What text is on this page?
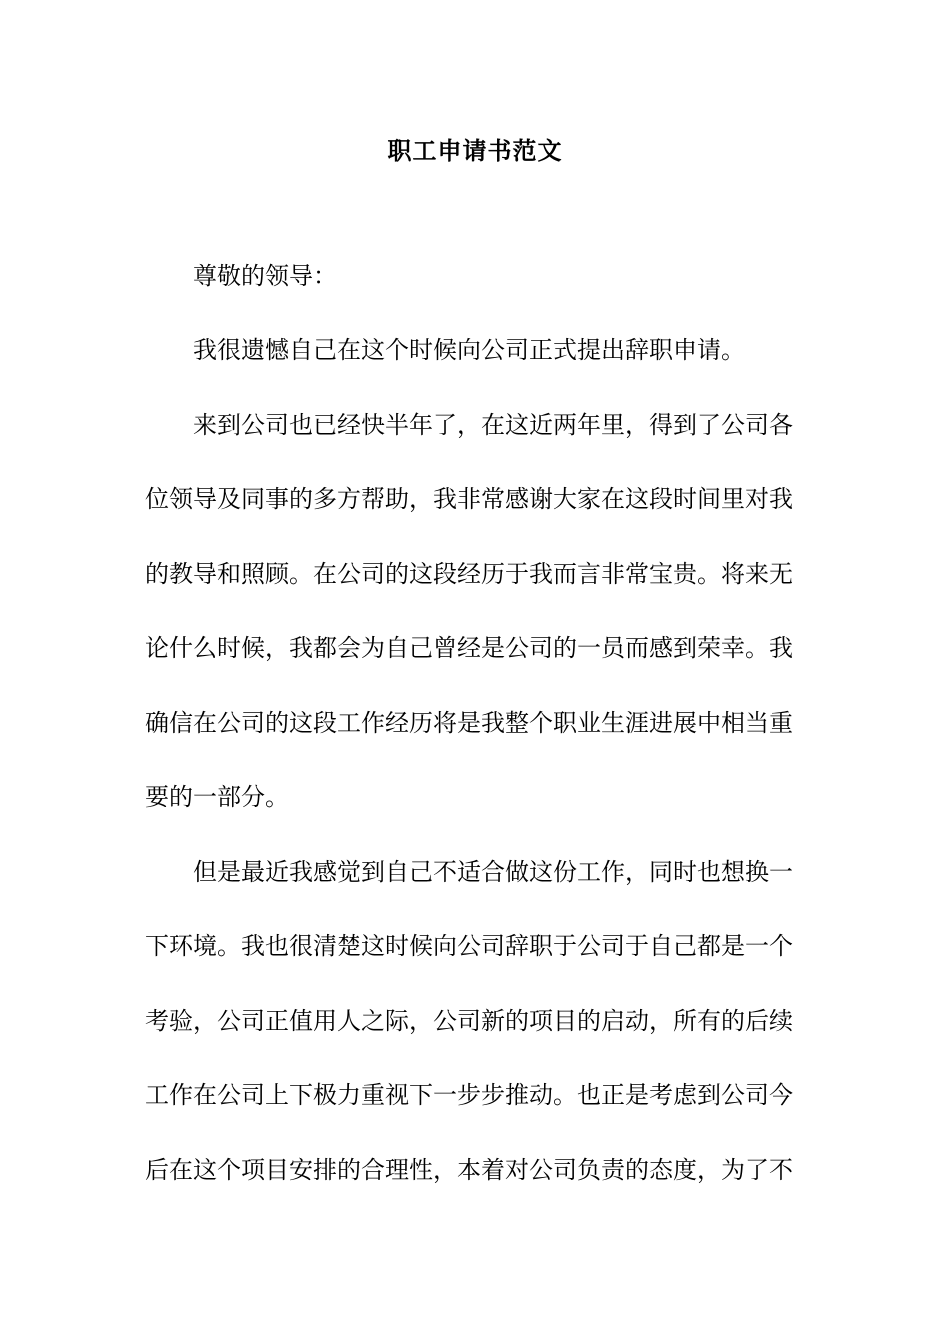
职工申请书范文
尊敬的领导：
我很遗憾自己在这个时候向公司正式提出辞职申请。
来到公司也已经快半年了，在这近两年里，得到了公司各
位领导及同事的多方帮助，我非常感谢大家在这段时间里对我
的教导和照顾。在公司的这段经历于我而言非常宝贵。将来无
论什么时候，我都会为自己曾经是公司的一员而感到荣幸。我
确信在公司的这段工作经历将是我整个职业生涯进展中相当重
要的一部分。
但是最近我感觉到自己不适合做这份工作，同时也想换一
下环境。我也很清楚这时候向公司辞职于公司于自己都是一个
考验，公司正值用人之际，公司新的项目的启动，所有的后续
工作在公司上下极力重视下一步步推动。也正是考虑到公司今
后在这个项目安排的合理性，本着对公司负责的态度，为了不
